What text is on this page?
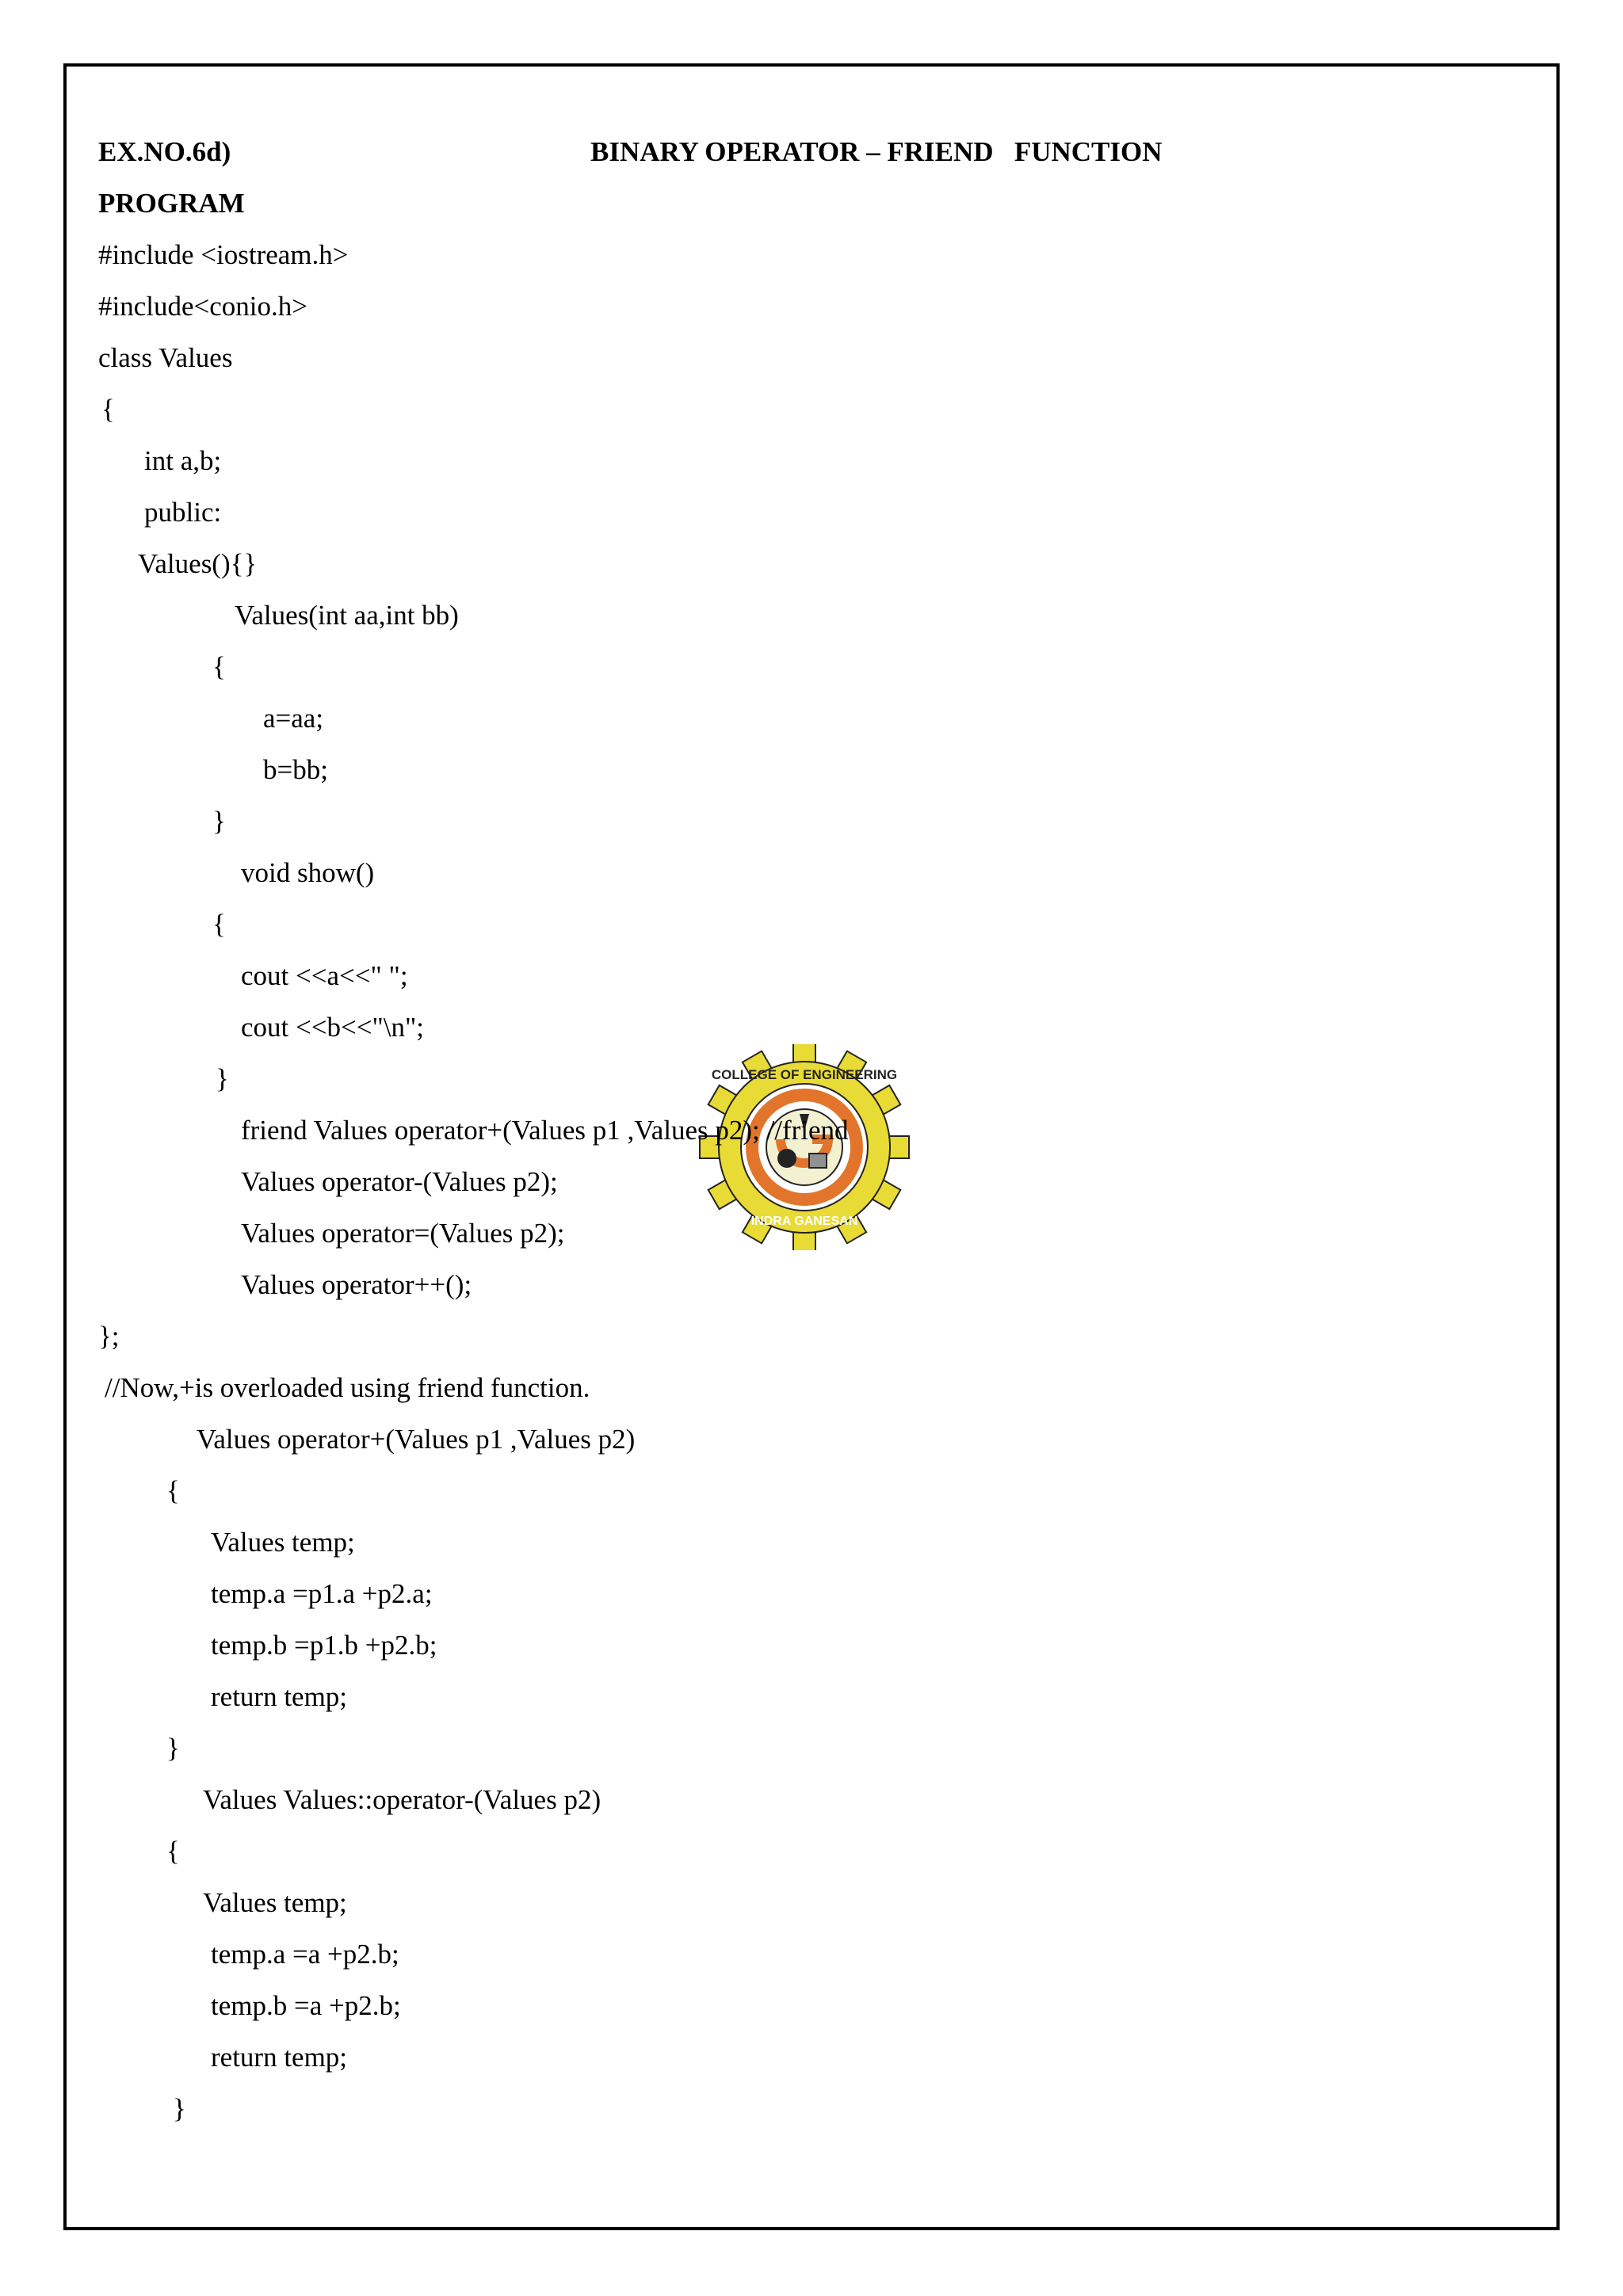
EX.NO.6d)	BINARY OPERATOR – FRIEND   FUNCTION
PROGRAM
COLLEGE OF ENGINEERING
INDRA GANESAN
#include <iostream.h>
#include<conio.h>
class Values
{
int a,b;
public:
Values(){}
Values(int aa,int bb)
{
a=aa;
b=bb;
}
void show()
{
cout <<a<<" ";
cout <<b<<"\n";
}
friend Values operator+(Values p1 ,Values p2); //friend
Values operator-(Values p2);
Values operator=(Values p2);
Values operator++();
};
//Now,+is overloaded using friend function.
Values operator+(Values p1 ,Values p2)
{
Values temp;
temp.a =p1.a +p2.a;
temp.b =p1.b +p2.b;
return temp;
}
Values Values::operator-(Values p2)
{
Values temp;
temp.a =a +p2.b;
temp.b =a +p2.b;
return temp;
}
